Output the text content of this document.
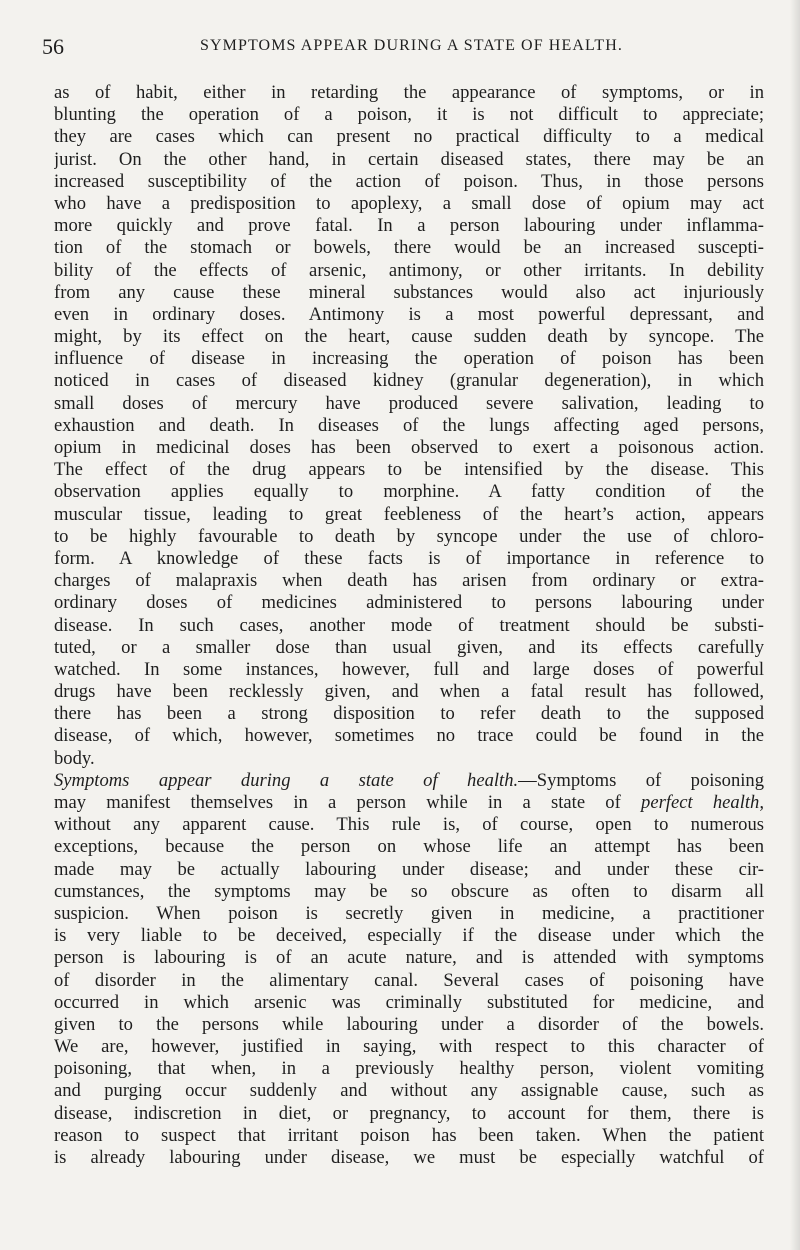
56	SYMPTOMS APPEAR DURING A STATE OF HEALTH.
as of habit, either in retarding the appearance of symptoms, or in
blunting the operation of a poison, it is not difficult to appreciate;
they are cases which can present no practical difficulty to a medical
jurist. On the other hand, in certain diseased states, there may be an
increased susceptibility of the action of poison. Thus, in those persons
who have a predisposition to apoplexy, a small dose of opium may act
more quickly and prove fatal. In a person labouring under inflamma-
tion of the stomach or bowels, there would be an increased suscepti-
bility of the effects of arsenic, antimony, or other irritants. In debility
from any cause these mineral substances would also act injuriously
even in ordinary doses. Antimony is a most powerful depressant, and
might, by its effect on the heart, cause sudden death by syncope. The
influence of disease in increasing the operation of poison has been
noticed in cases of diseased kidney (granular degeneration), in which
small doses of mercury have produced severe salivation, leading to
exhaustion and death. In diseases of the lungs affecting aged persons,
opium in medicinal doses has been observed to exert a poisonous action.
The effect of the drug appears to be intensified by the disease. This
observation applies equally to morphine. A fatty condition of the
muscular tissue, leading to great feebleness of the heart’s action, appears
to be highly favourable to death by syncope under the use of chloro-
form. A knowledge of these facts is of importance in reference to
charges of malapraxis when death has arisen from ordinary or extra-
ordinary doses of medicines administered to persons labouring under
disease. In such cases, another mode of treatment should be substi-
tuted, or a smaller dose than usual given, and its effects carefully
watched. In some instances, however, full and large doses of powerful
drugs have been recklessly given, and when a fatal result has followed,
there has been a strong disposition to refer death to the supposed
disease, of which, however, sometimes no trace could be found in the
body.
Symptoms appear during a state of health.—Symptoms of poisoning
may manifest themselves in a person while in a state of perfect health,
without any apparent cause. This rule is, of course, open to numerous
exceptions, because the person on whose life an attempt has been
made may be actually labouring under disease; and under these cir-
cumstances, the symptoms may be so obscure as often to disarm all
suspicion. When poison is secretly given in medicine, a practitioner
is very liable to be deceived, especially if the disease under which the
person is labouring is of an acute nature, and is attended with symptoms
of disorder in the alimentary canal. Several cases of poisoning have
occurred in which arsenic was criminally substituted for medicine, and
given to the persons while labouring under a disorder of the bowels.
We are, however, justified in saying, with respect to this character of
poisoning, that when, in a previously healthy person, violent vomiting
and purging occur suddenly and without any assignable cause, such as
disease, indiscretion in diet, or pregnancy, to account for them, there is
reason to suspect that irritant poison has been taken. When the patient
is already labouring under disease, we must be especially watchful of
